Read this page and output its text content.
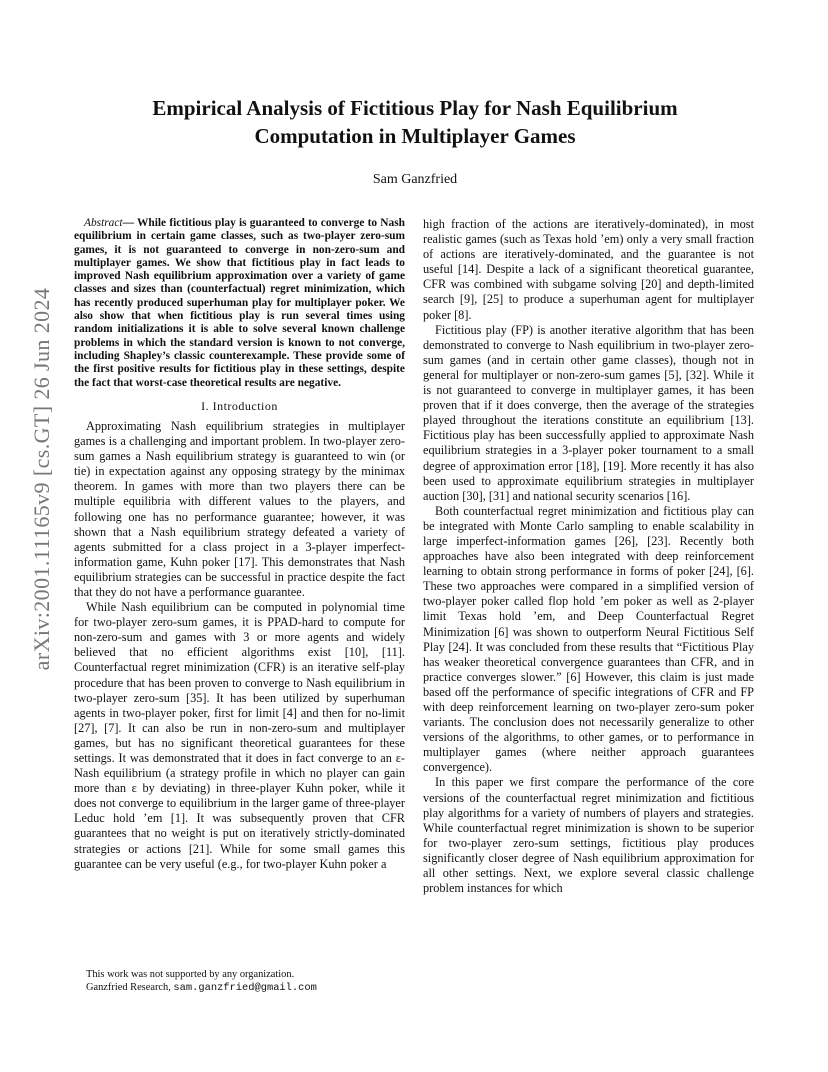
arXiv:2001.11165v9 [cs.GT] 26 Jun 2024
Empirical Analysis of Fictitious Play for Nash Equilibrium
Computation in Multiplayer Games

Sam Ganzfried

Abstract— While fictitious play is guaranteed to converge to Nash equilibrium in certain game classes, such as two-player zero-sum games, it is not guaranteed to converge in non-zero-sum and multiplayer games. We show that fictitious play in fact leads to improved Nash equilibrium approximation over a variety of game classes and sizes than (counterfactual) regret minimization, which has recently produced superhuman play for multiplayer poker. We also show that when fictitious play is run several times using random initializations it is able to solve several known challenge problems in which the standard version is known to not converge, including Shapley’s classic counterexample. These provide some of the first positive results for fictitious play in these settings, despite the fact that worst-case theoretical results are negative.

I. Introduction

Approximating Nash equilibrium strategies in multiplayer games is a challenging and important problem. In two-player zero-sum games a Nash equilibrium strategy is guaranteed to win (or tie) in expectation against any opposing strategy by the minimax theorem. In games with more than two players there can be multiple equilibria with different values to the players, and following one has no performance guarantee; however, it was shown that a Nash equilibrium strategy defeated a variety of agents submitted for a class project in a 3-player imperfect-information game, Kuhn poker [17]. This demonstrates that Nash equilibrium strategies can be successful in practice despite the fact that they do not have a performance guarantee.

While Nash equilibrium can be computed in polynomial time for two-player zero-sum games, it is PPAD-hard to compute for non-zero-sum and games with 3 or more agents and widely believed that no efficient algorithms exist [10], [11]. Counterfactual regret minimization (CFR) is an iterative self-play procedure that has been proven to converge to Nash equilibrium in two-player zero-sum [35]. It has been utilized by superhuman agents in two-player poker, first for limit [4] and then for no-limit [27], [7]. It can also be run in non-zero-sum and multiplayer games, but has no significant theoretical guarantees for these settings. It was demonstrated that it does in fact converge to an ε-Nash equilibrium (a strategy profile in which no player can gain more than ε by deviating) in three-player Kuhn poker, while it does not converge to equilibrium in the larger game of three-player Leduc hold ’em [1]. It was subsequently proven that CFR guarantees that no weight is put on iteratively strictly-dominated strategies or actions [21]. While for some small games this guarantee can be very useful (e.g., for two-player Kuhn poker a

high fraction of the actions are iteratively-dominated), in most realistic games (such as Texas hold ’em) only a very small fraction of actions are iteratively-dominated, and the guarantee is not useful [14]. Despite a lack of a significant theoretical guarantee, CFR was combined with subgame solving [20] and depth-limited search [9], [25] to produce a superhuman agent for multiplayer poker [8].

Fictitious play (FP) is another iterative algorithm that has been demonstrated to converge to Nash equilibrium in two-player zero-sum games (and in certain other game classes), though not in general for multiplayer or non-zero-sum games [5], [32]. While it is not guaranteed to converge in multiplayer games, it has been proven that if it does converge, then the average of the strategies played throughout the iterations constitute an equilibrium [13]. Fictitious play has been successfully applied to approximate Nash equilibrium strategies in a 3-player poker tournament to a small degree of approximation error [18], [19]. More recently it has also been used to approximate equilibrium strategies in multiplayer auction [30], [31] and national security scenarios [16].

Both counterfactual regret minimization and fictitious play can be integrated with Monte Carlo sampling to enable scalability in large imperfect-information games [26], [23]. Recently both approaches have also been integrated with deep reinforcement learning to obtain strong performance in forms of poker [24], [6]. These two approaches were compared in a simplified version of two-player poker called flop hold ’em poker as well as 2-player limit Texas hold ’em, and Deep Counterfactual Regret Minimization [6] was shown to outperform Neural Fictitious Self Play [24]. It was concluded from these results that “Fictitious Play has weaker theoretical convergence guarantees than CFR, and in practice converges slower.” [6] However, this claim is just made based off the performance of specific integrations of CFR and FP with deep reinforcement learning on two-player zero-sum poker variants. The conclusion does not necessarily generalize to other versions of the algorithms, to other games, or to performance in multiplayer games (where neither approach guarantees convergence).

In this paper we first compare the performance of the core versions of the counterfactual regret minimization and fictitious play algorithms for a variety of numbers of players and strategies. While counterfactual regret minimization is shown to be superior for two-player zero-sum settings, fictitious play produces significantly closer degree of Nash equilibrium approximation for all other settings. Next, we explore several classic challenge problem instances for which

This work was not supported by any organization.

Ganzfried Research, sam.ganzfried@gmail.com
